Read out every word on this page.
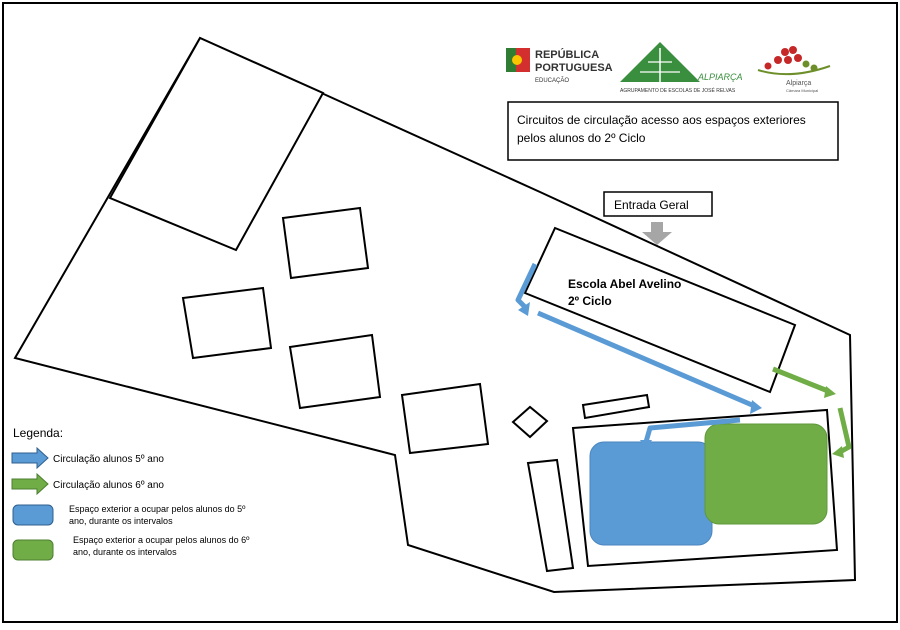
Escola Abel Avelino
2º Ciclo
Entrada Geral
Circuitos de circulação acesso aos espaços exteriores
pelos alunos do 2º Ciclo
REPÚBLICA
PORTUGUESA
EDUCAÇÃO	ALPIARÇA
AGRUPAMENTO DE ESCOLAS DE JOSÉ RELVAS
Alpiarça
Câmara Municipal
Legenda:
Circulação alunos 5º ano
Circulação alunos 6º ano
Espaço exterior a ocupar pelos alunos do 5º
ano, durante os intervalos
Espaço exterior a ocupar pelos alunos do 6º
ano, durante os intervalos
